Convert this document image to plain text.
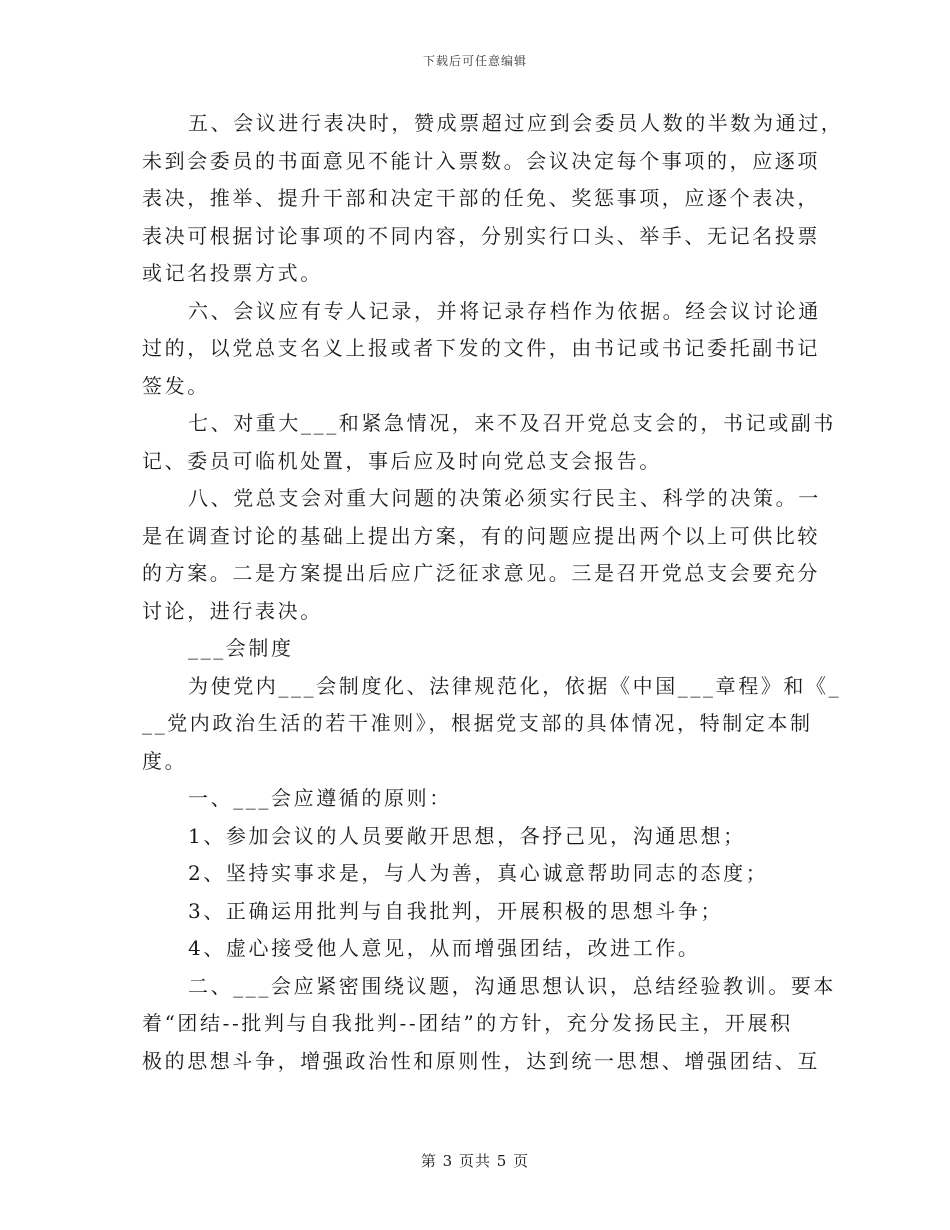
下载后可任意编辑
五、会议进行表决时，赞成票超过应到会委员人数的半数为通过，
未到会委员的书面意见不能计入票数。会议决定每个事项的，应逐项
表决，推举、提升干部和决定干部的任免、奖惩事项，应逐个表决，
表决可根据讨论事项的不同内容，分别实行口头、举手、无记名投票
或记名投票方式。
六、会议应有专人记录，并将记录存档作为依据。经会议讨论通
过的，以党总支名义上报或者下发的文件，由书记或书记委托副书记
签发。
七、对重大___和紧急情况，来不及召开党总支会的，书记或副书
记、委员可临机处置，事后应及时向党总支会报告。
八、党总支会对重大问题的决策必须实行民主、科学的决策。一
是在调查讨论的基础上提出方案，有的问题应提出两个以上可供比较
的方案。二是方案提出后应广泛征求意见。三是召开党总支会要充分
讨论，进行表决。
___会制度
为使党内___会制度化、法律规范化，依据《中国___章程》和《_
__党内政治生活的若干准则》，根据党支部的具体情况，特制定本制
度。
一、___会应遵循的原则：
1、参加会议的人员要敞开思想，各抒己见，沟通思想；
2、坚持实事求是，与人为善，真心诚意帮助同志的态度；
3、正确运用批判与自我批判，开展积极的思想斗争；
4、虚心接受他人意见，从而增强团结，改进工作。
二、___会应紧密围绕议题，沟通思想认识，总结经验教训。要本
着“团结--批判与自我批判--团结”的方针，充分发扬民主，开展积
极的思想斗争，增强政治性和原则性，达到统一思想、增强团结、互
第 3 页共 5 页
